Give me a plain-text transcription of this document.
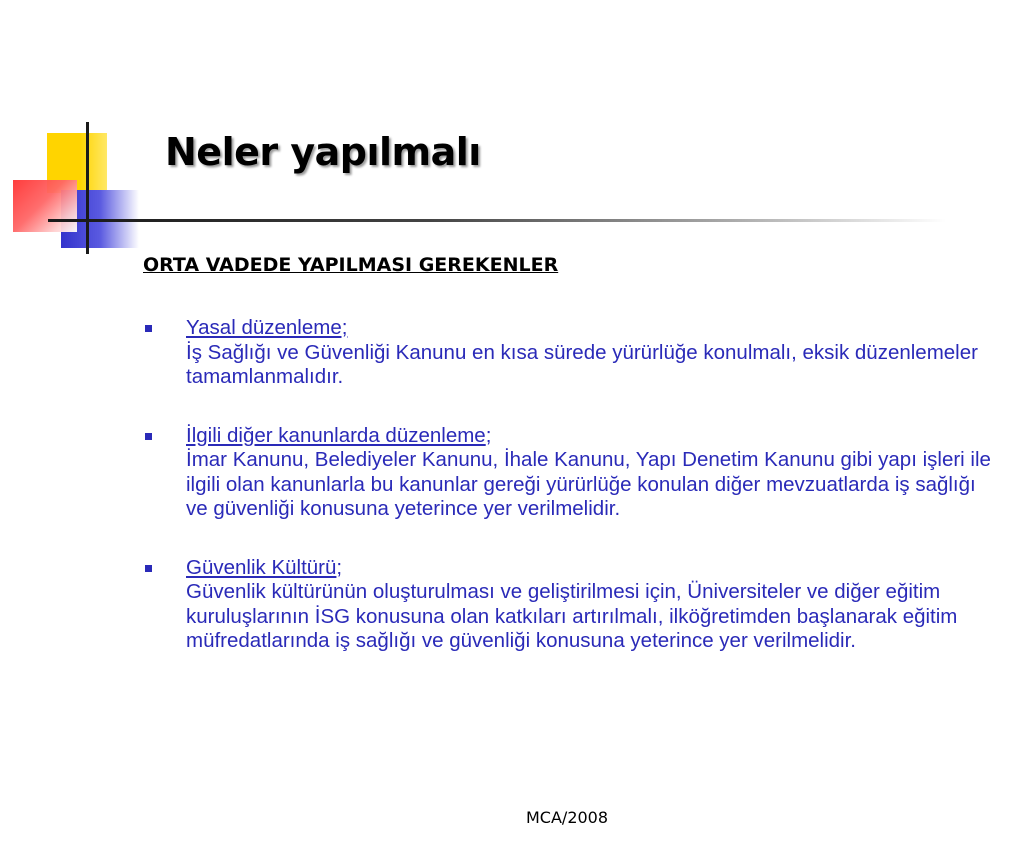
Neler yapılmalı

ORTA VADEDE YAPILMASI GEREKENLER

Yasal düzenleme;

İş Sağlığı ve Güvenliği Kanunu en kısa sürede yürürlüğe konulmalı, eksik düzenlemeler tamamlanmalıdır.

İlgili diğer kanunlarda düzenleme;

İmar Kanunu, Belediyeler Kanunu, İhale Kanunu, Yapı Denetim Kanunu gibi yapı işleri ile ilgili olan kanunlarla bu kanunlar gereği yürürlüğe konulan diğer mevzuatlarda iş sağlığı ve güvenliği konusuna yeterince yer verilmelidir.

Güvenlik Kültürü;

Güvenlik kültürünün oluşturulması ve geliştirilmesi için, Üniversiteler ve diğer eğitim kuruluşlarının İSG konusuna olan katkıları artırılmalı, ilköğretimden başlanarak eğitim müfredatlarında iş sağlığı ve güvenliği konusuna yeterince yer verilmelidir.

MCA/2008
